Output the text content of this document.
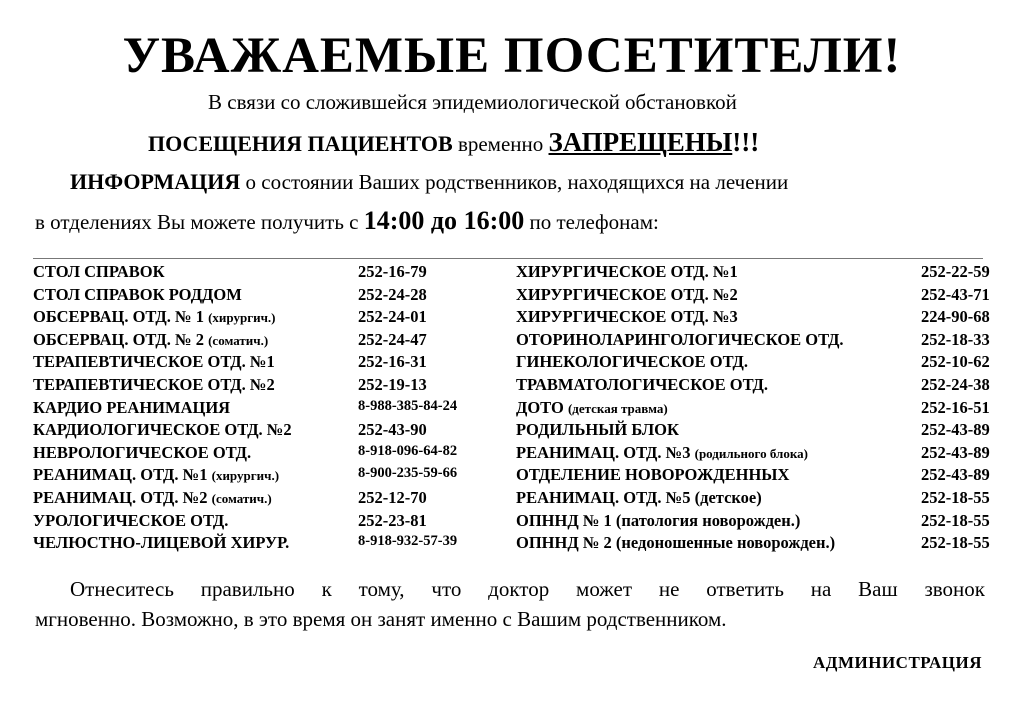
УВАЖАЕМЫЕ ПОСЕТИТЕЛИ!
В связи со сложившейся эпидемиологической обстановкой
ПОСЕЩЕНИЯ ПАЦИЕНТОВ временно ЗАПРЕЩЕНЫ!!!
ИНФОРМАЦИЯ о состоянии Ваших родственников, находящихся на лечении
в отделениях Вы можете получить с 14:00 до 16:00 по телефонам:
СТОЛ СПРАВОК	252-16-79
СТОЛ СПРАВОК РОДДОМ	252-24-28
ОБСЕРВАЦ. ОТД. № 1 (хирургич.)	252-24-01
ОБСЕРВАЦ. ОТД. № 2 (соматич.)	252-24-47
ТЕРАПЕВТИЧЕСКОЕ ОТД. №1	252-16-31
ТЕРАПЕВТИЧЕСКОЕ ОТД. №2	252-19-13
КАРДИО РЕАНИМАЦИЯ	8-988-385-84-24
КАРДИОЛОГИЧЕСКОЕ ОТД. №2	252-43-90
НЕВРОЛОГИЧЕСКОЕ ОТД.	8-918-096-64-82
РЕАНИМАЦ. ОТД. №1 (хирургич.)	8-900-235-59-66
РЕАНИМАЦ. ОТД. №2 (соматич.)	252-12-70
УРОЛОГИЧЕСКОЕ ОТД.	252-23-81
ЧЕЛЮСТНО-ЛИЦЕВОЙ ХИРУР.	8-918-932-57-39
ХИРУРГИЧЕСКОЕ ОТД. №1	252-22-59
ХИРУРГИЧЕСКОЕ ОТД. №2	252-43-71
ХИРУРГИЧЕСКОЕ ОТД. №3	224-90-68
ОТОРИНОЛАРИНГОЛОГИЧЕСКОЕ ОТД.	252-18-33
ГИНЕКОЛОГИЧЕСКОЕ ОТД.	252-10-62
ТРАВМАТОЛОГИЧЕСКОЕ ОТД.	252-24-38
ДОТО (детская травма)	252-16-51
РОДИЛЬНЫЙ БЛОК	252-43-89
РЕАНИМАЦ. ОТД. №3 (родильного блока)	252-43-89
ОТДЕЛЕНИЕ НОВОРОЖДЕННЫХ	252-43-89
РЕАНИМАЦ. ОТД. №5 (детское)	252-18-55
ОПННД № 1 (патология новорожден.)	252-18-55
ОПННД № 2 (недоношенные новорожден.)	252-18-55
Отнеситесь правильно к тому, что доктор может не ответить на Ваш звонок
мгновенно. Возможно, в это время он занят именно с Вашим родственником.
АДМИНИСТРАЦИЯ
